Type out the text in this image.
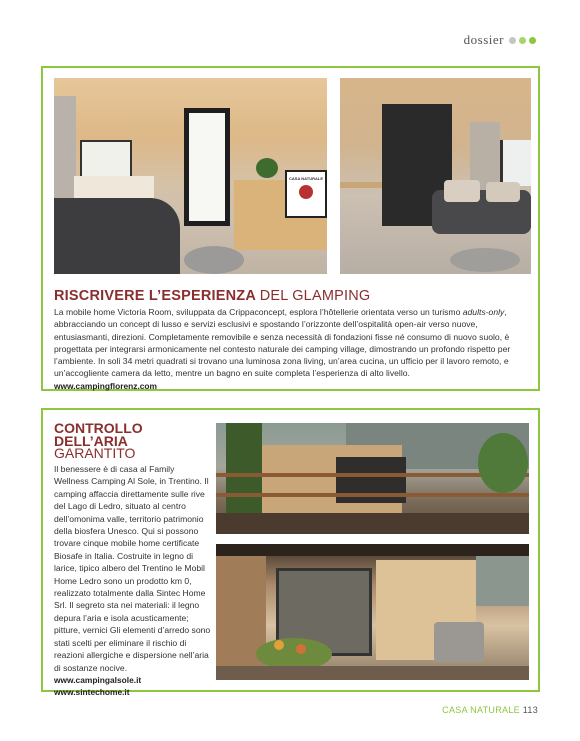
dossier
CASA NATURALE
RISCRIVERE L’ESPERIENZA DEL GLAMPING
La mobile home Victoria Room, sviluppata da Crippaconcept, esplora l’hôtellerie orientata verso un turismo adults-only, abbracciando un concept di lusso e servizi esclusivi e spostando l’orizzonte dell’ospitalità open-air verso nuove, entusiasmanti, direzioni. Completamente removibile e senza necessità di fondazioni fisse né consumo di nuovo suolo, è progettata per integrarsi armonicamente nel contesto naturale dei camping village, dimostrando un profondo rispetto per l’ambiente. In soli 34 metri quadrati si trovano una luminosa zona living, un’area cucina, un ufficio per il lavoro remoto, e un’accogliente camera da letto, mentre un bagno en suite completa l’esperienza di alto livello.
www.campingflorenz.com
CONTROLLO
DELL’ARIA
GARANTITO
Il benessere è di casa al Family Wellness Camping Al Sole, in Trentino. Il camping affaccia direttamente sulle rive del Lago di Ledro, situato al centro dell’omonima valle, territorio patrimonio della biosfera Unesco. Qui si possono trovare cinque mobile home certificate Biosafe in Italia. Costruite in legno di larice, tipico albero del Trentino le Mobil Home Ledro sono un prodotto km 0, realizzato totalmente dalla Sintec Home Srl. Il segreto sta nei materiali: il legno depura l’aria e isola acusticamente; pitture, vernici Gli elementi d’arredo sono stati scelti per eliminare il rischio di reazioni allergiche e dispersione nell’aria di sostanze nocive.
www.campingalsole.it
www.sintechome.it
CASA NATURALE 113
